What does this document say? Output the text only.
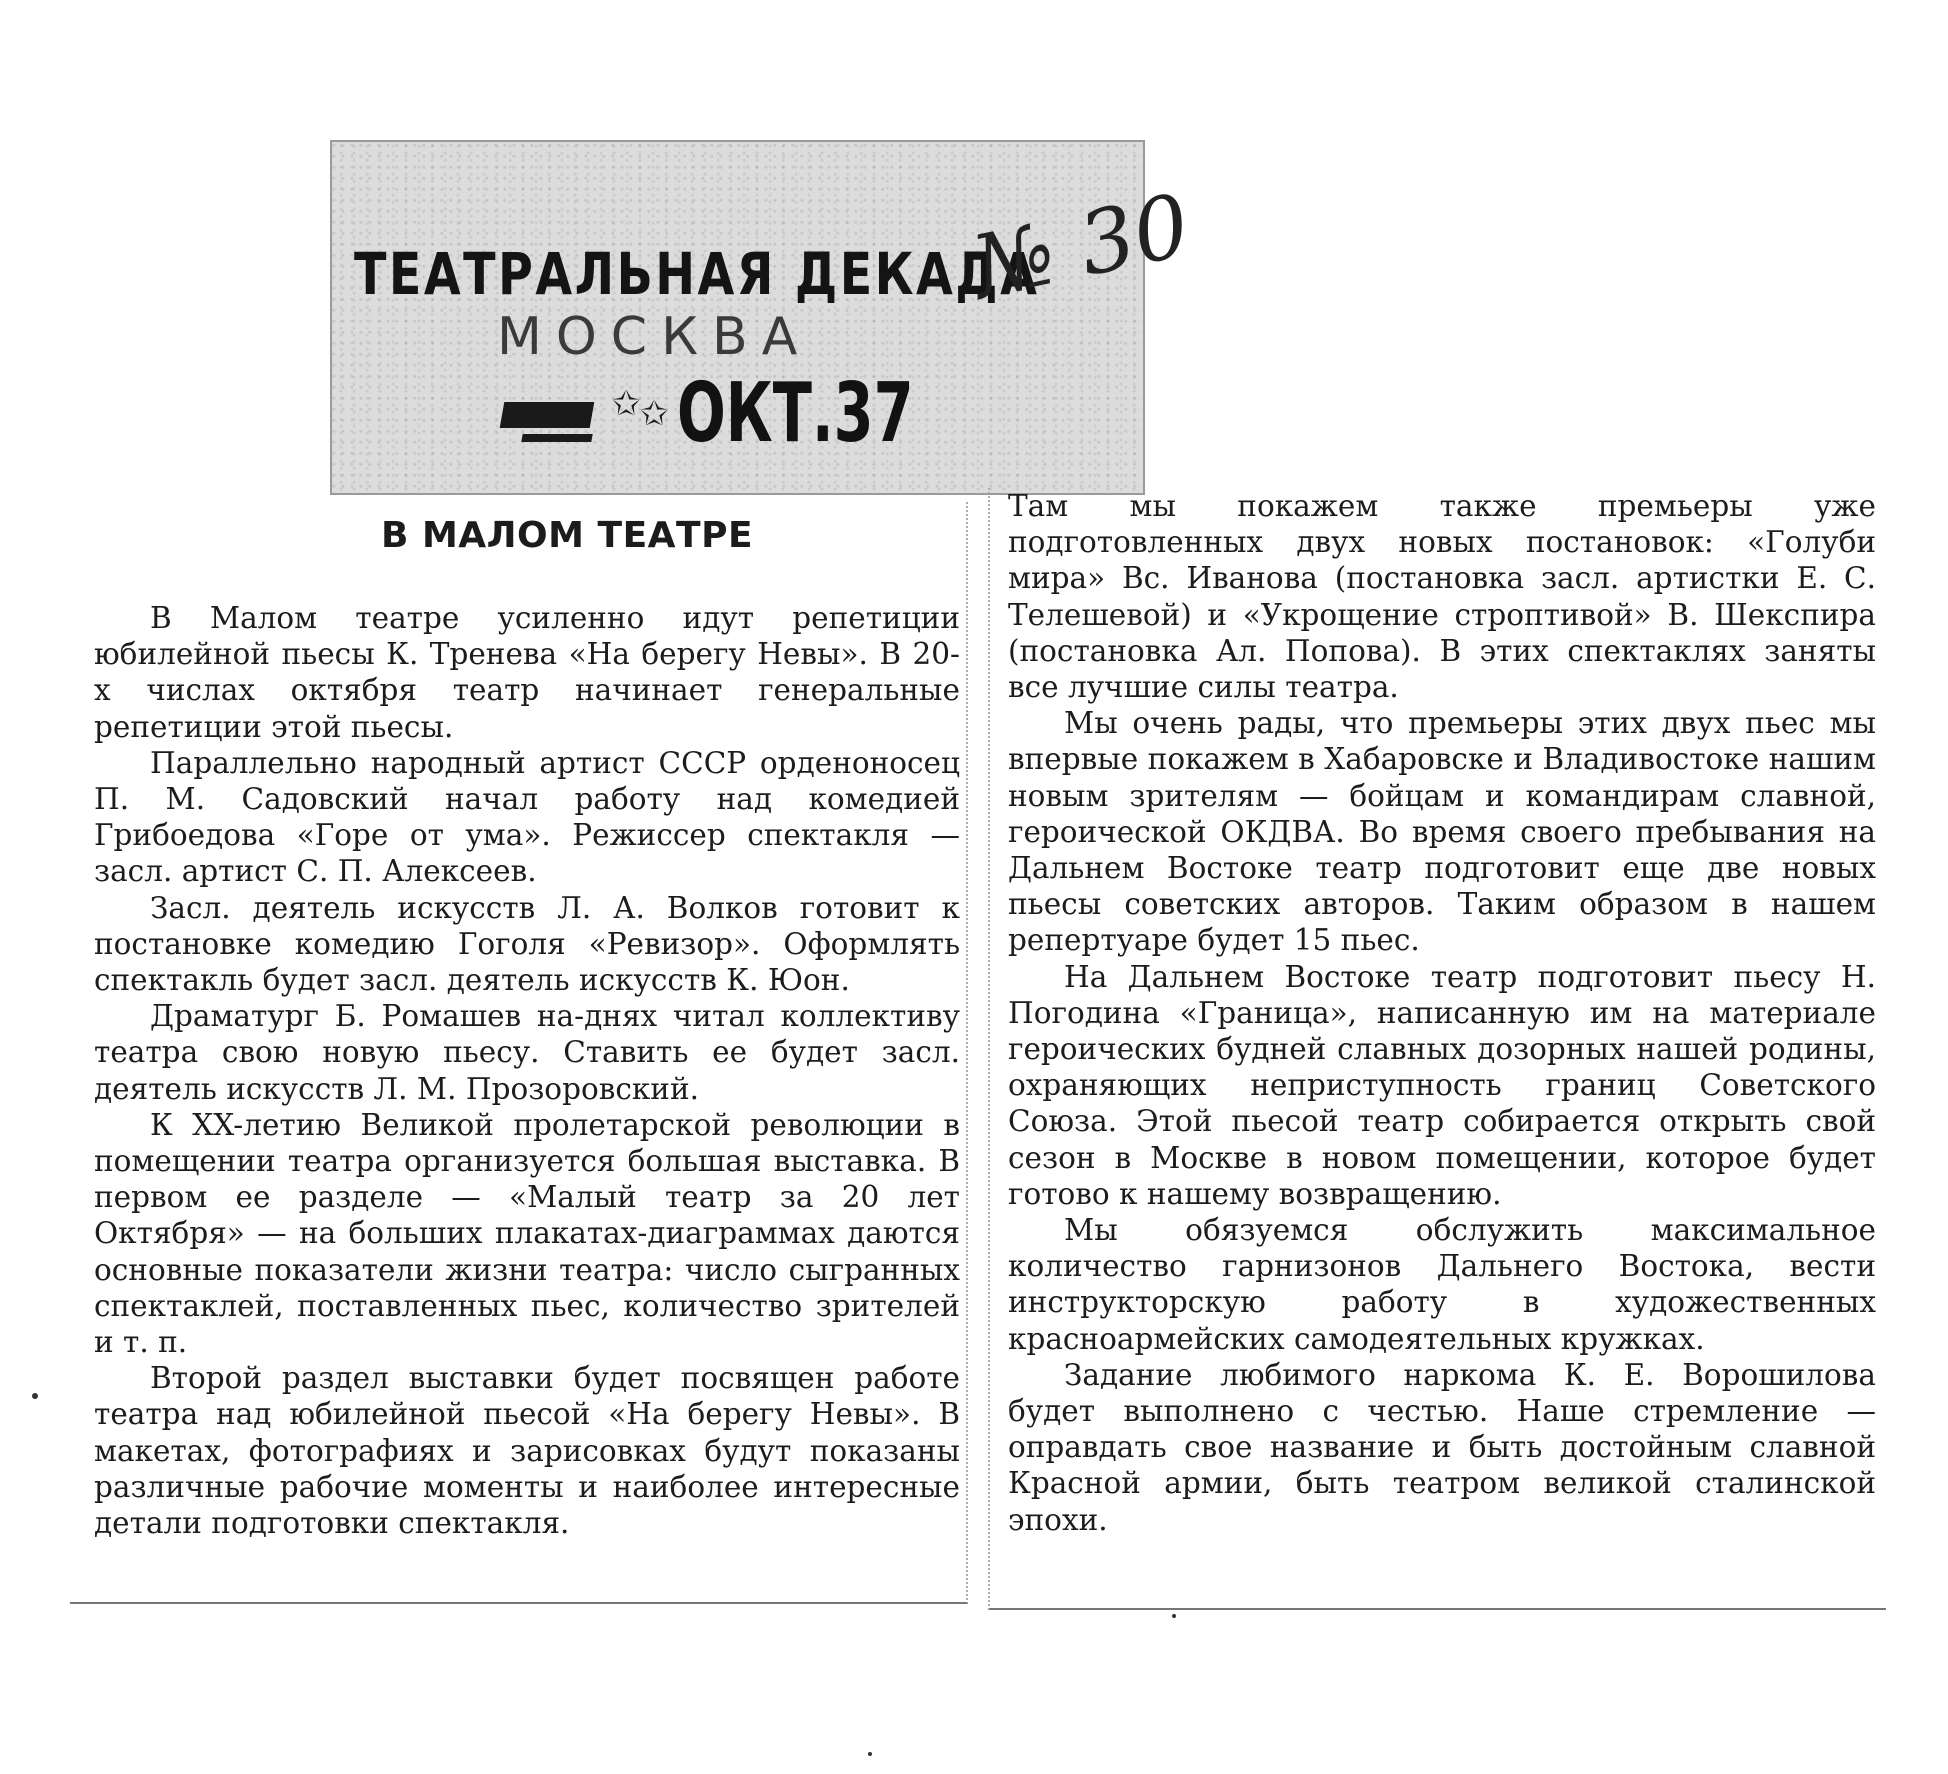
ТЕАТРАЛЬНАЯ ДЕКАДА
№ 30
МОСКВА
✩ ✩ ОКТ.37
В МАЛОМ ТЕАТРЕ

В Малом театре усиленно идут репетиции юбилейной пьесы К. Тренева «На берегу Невы». В 20-х числах октября театр начинает генеральные репетиции этой пьесы.

Параллельно народный артист СССР орденоносец П. М. Садовский начал работу над комедией Грибоедова «Горе от ума». Режиссер спектакля — засл. артист С. П. Алексеев.

Засл. деятель искусств Л. А. Волков готовит к постановке комедию Гоголя «Ревизор». Оформлять спектакль будет засл. деятель искусств К. Юон.

Драматург Б. Ромашев на-днях читал коллективу театра свою новую пьесу. Ставить ее будет засл. деятель искусств Л. М. Прозоровский.

К XX-летию Великой пролетарской революции в помещении театра организуется большая выставка. В первом ее разделе — «Малый театр за 20 лет Октября» — на больших плакатах-диаграммах даются основные показатели жизни театра: число сыгранных спектаклей, поставленных пьес, количество зрителей и т. п.

Второй раздел выставки будет посвящен работе театра над юбилейной пьесой «На берегу Невы». В макетах, фотографиях и зарисовках будут показаны различные рабочие моменты и наиболее интересные детали подготовки спектакля.

Там мы покажем также премьеры уже подготовленных двух новых постановок: «Голуби мира» Вс. Иванова (постановка засл. артистки Е. С. Телешевой) и «Укрощение строптивой» В. Шекспира (постановка Ал. Попова). В этих спектаклях заняты все лучшие силы театра.

Мы очень рады, что премьеры этих двух пьес мы впервые покажем в Хабаровске и Владивостоке нашим новым зрителям — бойцам и командирам славной, героической ОКДВА. Во время своего пребывания на Дальнем Востоке театр подготовит еще две новых пьесы советских авторов. Таким образом в нашем репертуаре будет 15 пьес.

На Дальнем Востоке театр подготовит пьесу Н. Погодина «Граница», написанную им на материале героических будней славных дозорных нашей родины, охраняющих неприступность границ Советского Союза. Этой пьесой театр собирается открыть свой сезон в Москве в новом помещении, которое будет готово к нашему возвращению.

Мы обязуемся обслужить максимальное количество гарнизонов Дальнего Востока, вести инструкторскую работу в художественных красноармейских самодеятельных кружках.

Задание любимого наркома К. Е. Ворошилова будет выполнено с честью. Наше стремление — оправдать свое название и быть достойным славной Красной армии, быть театром великой сталинской эпохи.
